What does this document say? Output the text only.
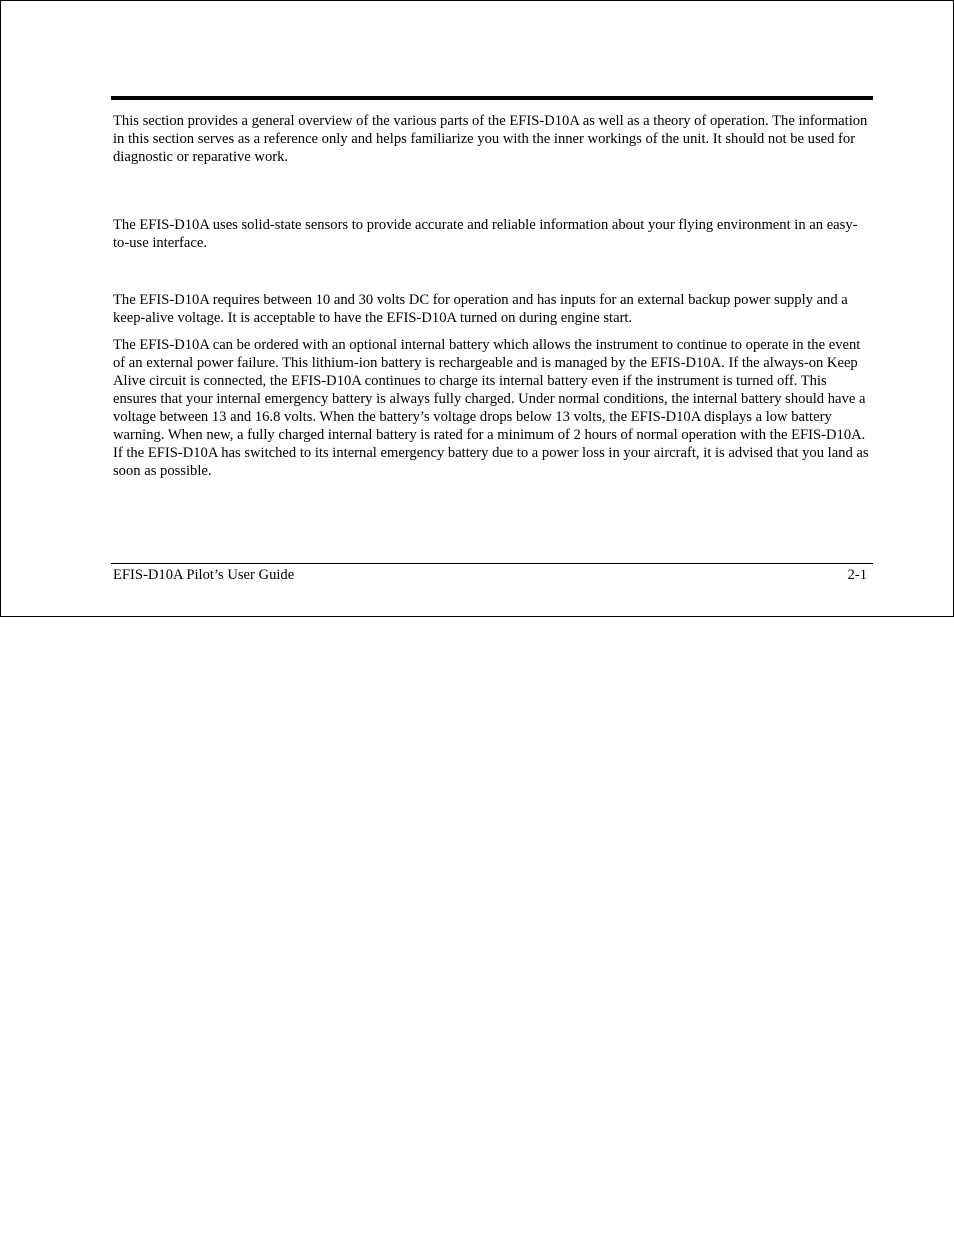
This section provides a general overview of the various parts of the EFIS-D10A as well as a theory of operation. The information in this section serves as a reference only and helps familiarize you with the inner workings of the unit. It should not be used for diagnostic or reparative work.

The EFIS-D10A uses solid-state sensors to provide accurate and reliable information about your flying environment in an easy-to-use interface.

The EFIS-D10A requires between 10 and 30 volts DC for operation and has inputs for an external backup power supply and a keep-alive voltage. It is acceptable to have the EFIS-D10A turned on during engine start.

The EFIS-D10A can be ordered with an optional internal battery which allows the instrument to continue to operate in the event of an external power failure. This lithium-ion battery is rechargeable and is managed by the EFIS-D10A. If the always-on Keep Alive circuit is connected, the EFIS-D10A continues to charge its internal battery even if the instrument is turned off. This ensures that your internal emergency battery is always fully charged. Under normal conditions, the internal battery should have a voltage between 13 and 16.8 volts. When the battery’s voltage drops below 13 volts, the EFIS-D10A displays a low battery warning. When new, a fully charged internal battery is rated for a minimum of 2 hours of normal operation with the EFIS-D10A. If the EFIS-D10A has switched to its internal emergency battery due to a power loss in your aircraft, it is advised that you land as soon as possible.

EFIS-D10A Pilot’s User Guide	2-1
